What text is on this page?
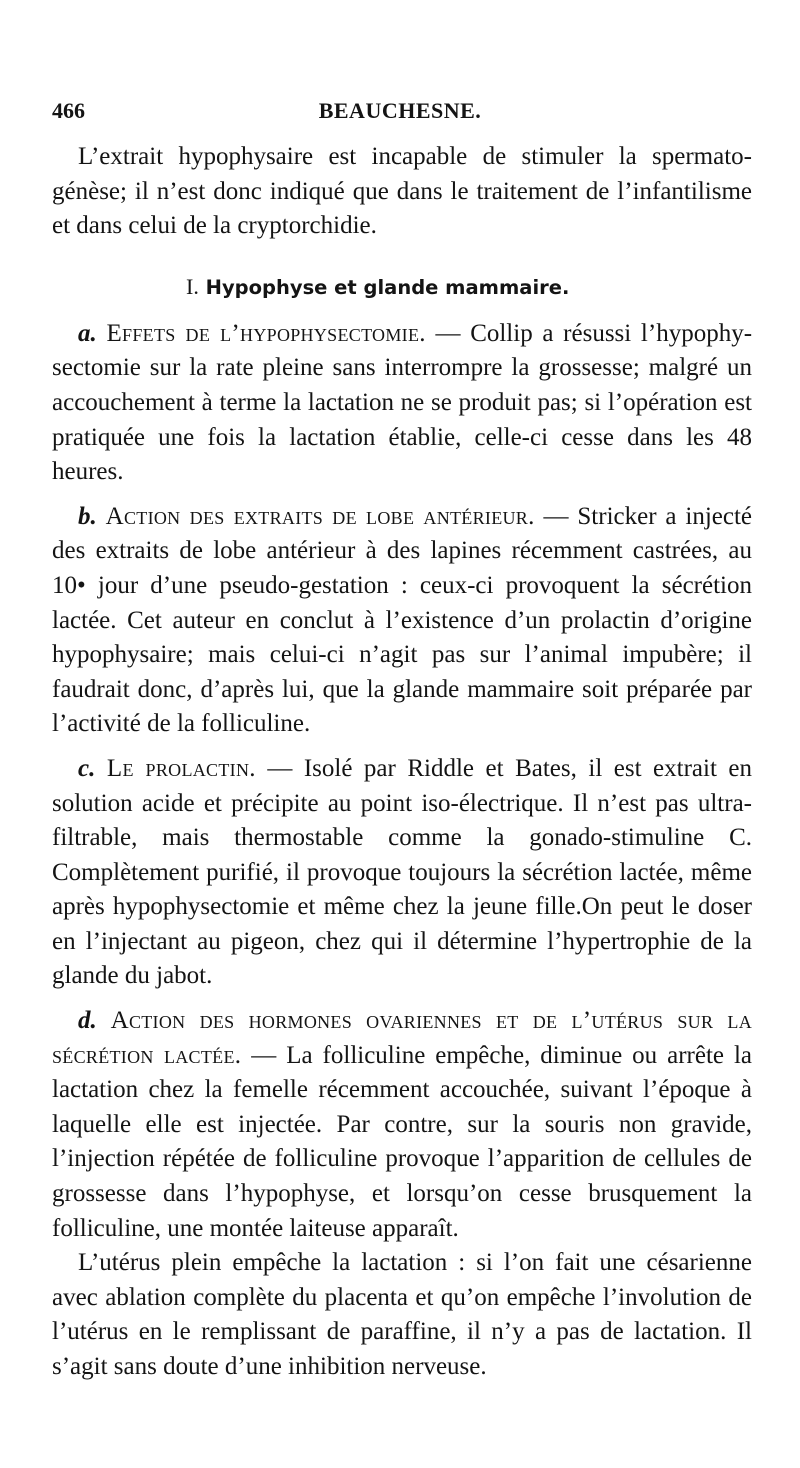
466	BEAUCHESNE.

L’extrait hypophysaire est incapable de stimuler la spermatogénèse; il n’est donc indiqué que dans le traitement de l’infantilisme et dans celui de la cryptorchidie.

I. Hypophyse et glande mammaire.

a. Effets de l’hypophysectomie. — Collip a résussi l’hypophysectomie sur la rate pleine sans interrompre la grossesse; malgré un accouchement à terme la lactation ne se produit pas; si l’opération est pratiquée une fois la lactation établie, celle-ci cesse dans les 48 heures.

b. Action des extraits de lobe antérieur. — Stricker a injecté des extraits de lobe antérieur à des lapines récemment castrées, au 10• jour d’une pseudo-gestation : ceux-ci provoquent la sécrétion lactée. Cet auteur en conclut à l’existence d’un prolactin d’origine hypophysaire; mais celui-ci n’agit pas sur l’animal impubère; il faudrait donc, d’après lui, que la glande mammaire soit préparée par l’activité de la folliculine.

c. Le prolactin. — Isolé par Riddle et Bates, il est extrait en solution acide et précipite au point iso-électrique. Il n’est pas ultra-filtrable, mais thermostable comme la gonado-stimuline C. Complètement purifié, il provoque toujours la sécrétion lactée, même après hypophysectomie et même chez la jeune fille.On peut le doser en l’injectant au pigeon, chez qui il détermine l’hypertrophie de la glande du jabot.

d. Action des hormones ovariennes et de l’utérus sur la sécrétion lactée. — La folliculine empêche, diminue ou arrête la lactation chez la femelle récemment accouchée, suivant l’époque à laquelle elle est injectée. Par contre, sur la souris non gravide, l’injection répétée de folliculine provoque l’apparition de cellules de grossesse dans l’hypophyse, et lorsqu’on cesse brusquement la folliculine, une montée laiteuse apparaît.

L’utérus plein empêche la lactation : si l’on fait une césarienne avec ablation complète du placenta et qu’on empêche l’involution de l’utérus en le remplissant de paraffine, il n’y a pas de lactation. Il s’agit sans doute d’une inhibition nerveuse.
